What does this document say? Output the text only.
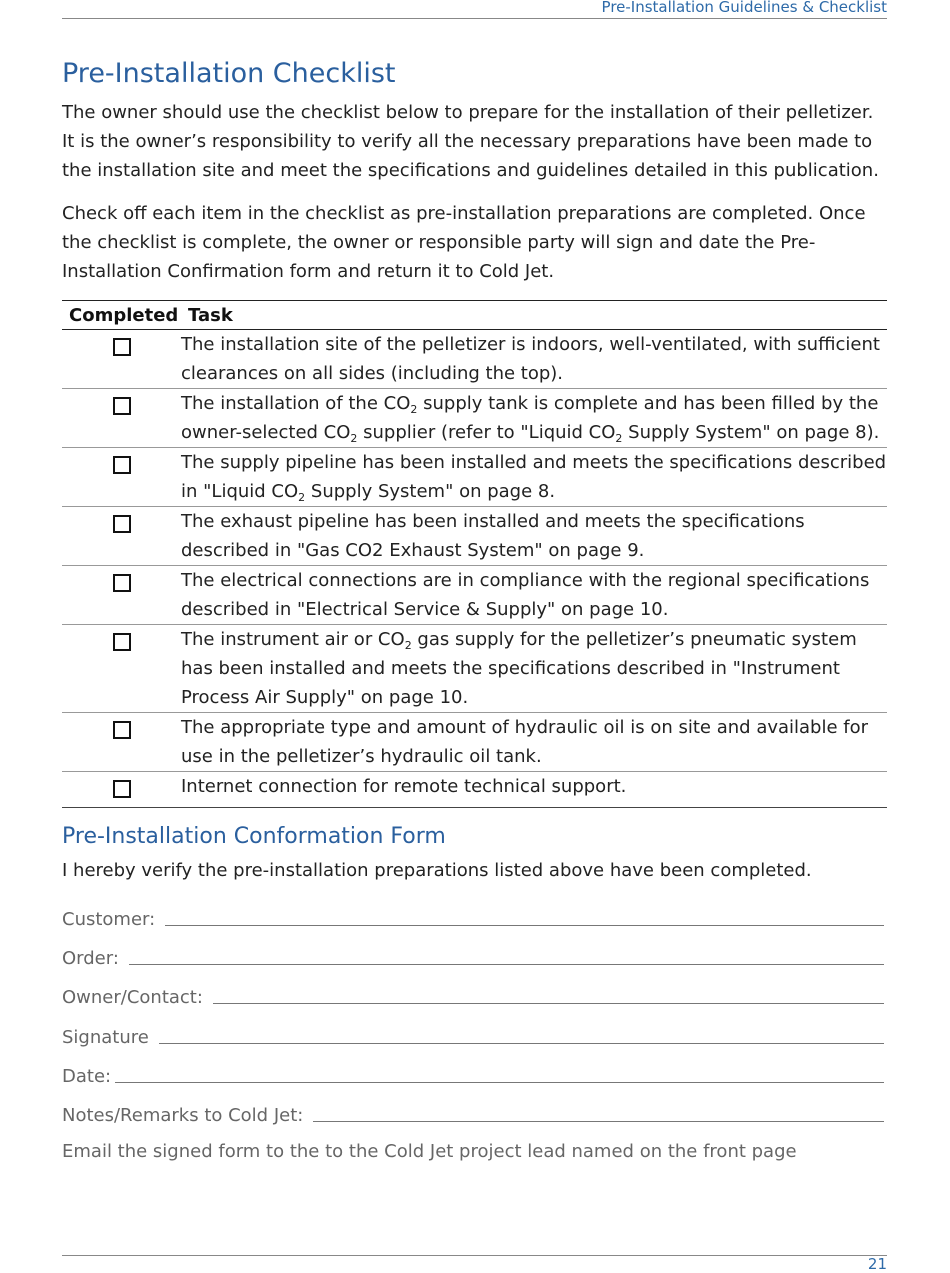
Pre-Installation Guidelines & Checklist
Pre-Installation Checklist
The owner should use the checklist below to prepare for the installation of their pelletizer. It is the owner’s responsibility to verify all the necessary preparations have been made to the installation site and meet the specifications and guidelines detailed in this publication.
Check off each item in the checklist as pre-installation preparations are completed. Once the checklist is complete, the owner or responsible party will sign and date the Pre-Installation Confirmation form and return it to Cold Jet.
Completed	Task
	The installation site of the pelletizer is indoors, well-ventilated, with sufficient clearances on all sides (including the top).
	The installation of the $CO_2$ supply tank is complete and has been filled by the owner-selected $CO_2$ supplier (refer to "Liquid $CO_2$ Supply System" on page 8).
	The supply pipeline has been installed and meets the specifications described in "Liquid $CO_2$ Supply System" on page 8.
	The exhaust pipeline has been installed and meets the specifications described in "Gas CO2 Exhaust System" on page 9.
	The electrical connections are in compliance with the regional specifications described in "Electrical Service & Supply" on page 10.
	The instrument air or $CO_2$ gas supply for the pelletizer’s pneumatic system has been installed and meets the specifications described in "Instrument Process Air Supply" on page 10.
	The appropriate type and amount of hydraulic oil is on site and available for use in the pelletizer’s hydraulic oil tank.
	Internet connection for remote technical support.
Pre-Installation Conformation Form
I hereby verify the pre-installation preparations listed above have been completed.
Customer:
Order:
Owner/Contact:
Signature
Date:
Notes/Remarks to Cold Jet:
Email the signed form to the to the Cold Jet project lead named on the front page
21
